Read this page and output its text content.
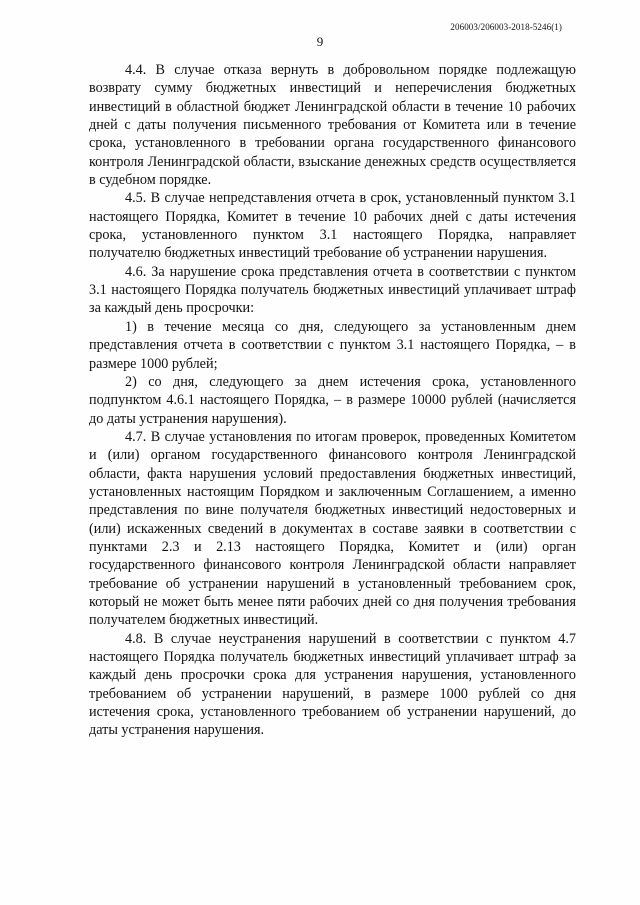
206003/206003-2018-5246(1)
9

4.4. В случае отказа вернуть в добровольном порядке подлежащую возврату сумму бюджетных инвестиций и неперечисления бюджетных инвестиций в областной бюджет Ленинградской области в течение 10 рабочих дней с даты получения письменного требования от Комитета или в течение срока, установленного в требовании органа государственного финансового контроля Ленинградской области, взыскание денежных средств осуществляется в судебном порядке.

4.5. В случае непредставления отчета в срок, установленный пунктом 3.1 настоящего Порядка, Комитет в течение 10 рабочих дней с даты истечения срока, установленного пунктом 3.1 настоящего Порядка, направляет получателю бюджетных инвестиций требование об устранении нарушения.

4.6. За нарушение срока представления отчета в соответствии с пунктом 3.1 настоящего Порядка получатель бюджетных инвестиций уплачивает штраф за каждый день просрочки:

1) в течение месяца со дня, следующего за установленным днем представления отчета в соответствии с пунктом 3.1 настоящего Порядка, – в размере 1000 рублей;

2) со дня, следующего за днем истечения срока, установленного подпунктом 4.6.1 настоящего Порядка, – в размере 10000 рублей (начисляется до даты устранения нарушения).

4.7. В случае установления по итогам проверок, проведенных Комитетом и (или) органом государственного финансового контроля Ленинградской области, факта нарушения условий предоставления бюджетных инвестиций, установленных настоящим Порядком и заключенным Соглашением, а именно представления по вине получателя бюджетных инвестиций недостоверных и (или) искаженных сведений в документах в составе заявки в соответствии с пунктами 2.3 и 2.13 настоящего Порядка, Комитет и (или) орган государственного финансового контроля Ленинградской области направляет требование об устранении нарушений в установленный требованием срок, который не может быть менее пяти рабочих дней со дня получения требования получателем бюджетных инвестиций.

4.8. В случае неустранения нарушений в соответствии с пунктом 4.7 настоящего Порядка получатель бюджетных инвестиций уплачивает штраф за каждый день просрочки срока для устранения нарушения, установленного требованием об устранении нарушений, в размере 1000 рублей со дня истечения срока, установленного требованием об устранении нарушений, до даты устранения нарушения.
